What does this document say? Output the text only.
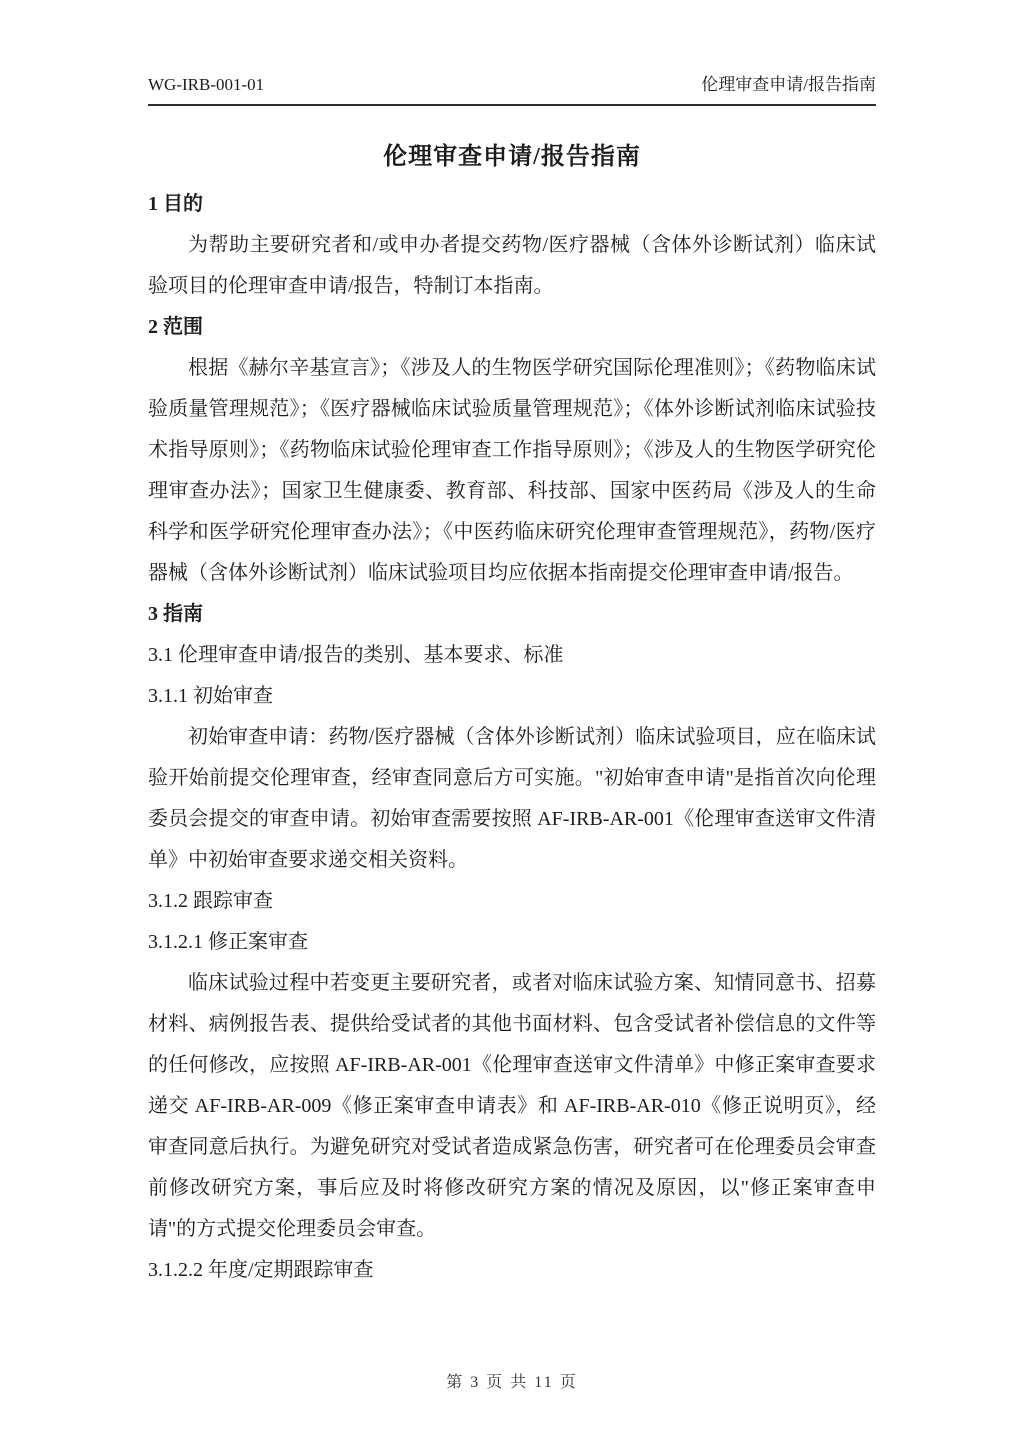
WG-IRB-001-01	伦理审查申请/报告指南
伦理审查申请/报告指南
1 目的

为帮助主要研究者和/或申办者提交药物/医疗器械（含体外诊断试剂）临床试验项目的伦理审查申请/报告，特制订本指南。

2 范围

根据《赫尔辛基宣言》；《涉及人的生物医学研究国际伦理准则》；《药物临床试验质量管理规范》；《医疗器械临床试验质量管理规范》；《体外诊断试剂临床试验技术指导原则》；《药物临床试验伦理审查工作指导原则》；《涉及人的生物医学研究伦理审查办法》；国家卫生健康委、教育部、科技部、国家中医药局《涉及人的生命科学和医学研究伦理审查办法》；《中医药临床研究伦理审查管理规范》，药物/医疗器械（含体外诊断试剂）临床试验项目均应依据本指南提交伦理审查申请/报告。

3 指南
3.1 伦理审查申请/报告的类别、基本要求、标准
3.1.1 初始审查

初始审查申请：药物/医疗器械（含体外诊断试剂）临床试验项目，应在临床试验开始前提交伦理审查，经审查同意后方可实施。"初始审查申请"是指首次向伦理委员会提交的审查申请。初始审查需要按照 AF-IRB-AR-001《伦理审查送审文件清单》中初始审查要求递交相关资料。

3.1.2 跟踪审查
3.1.2.1 修正案审查

临床试验过程中若变更主要研究者，或者对临床试验方案、知情同意书、招募材料、病例报告表、提供给受试者的其他书面材料、包含受试者补偿信息的文件等的任何修改，应按照 AF-IRB-AR-001《伦理审查送审文件清单》中修正案审查要求递交 AF-IRB-AR-009《修正案审查申请表》和 AF-IRB-AR-010《修正说明页》，经审查同意后执行。为避免研究对受试者造成紧急伤害，研究者可在伦理委员会审查前修改研究方案，事后应及时将修改研究方案的情况及原因，以"修正案审查申请"的方式提交伦理委员会审查。

3.1.2.2 年度/定期跟踪审查
第 3 页 共 11 页
